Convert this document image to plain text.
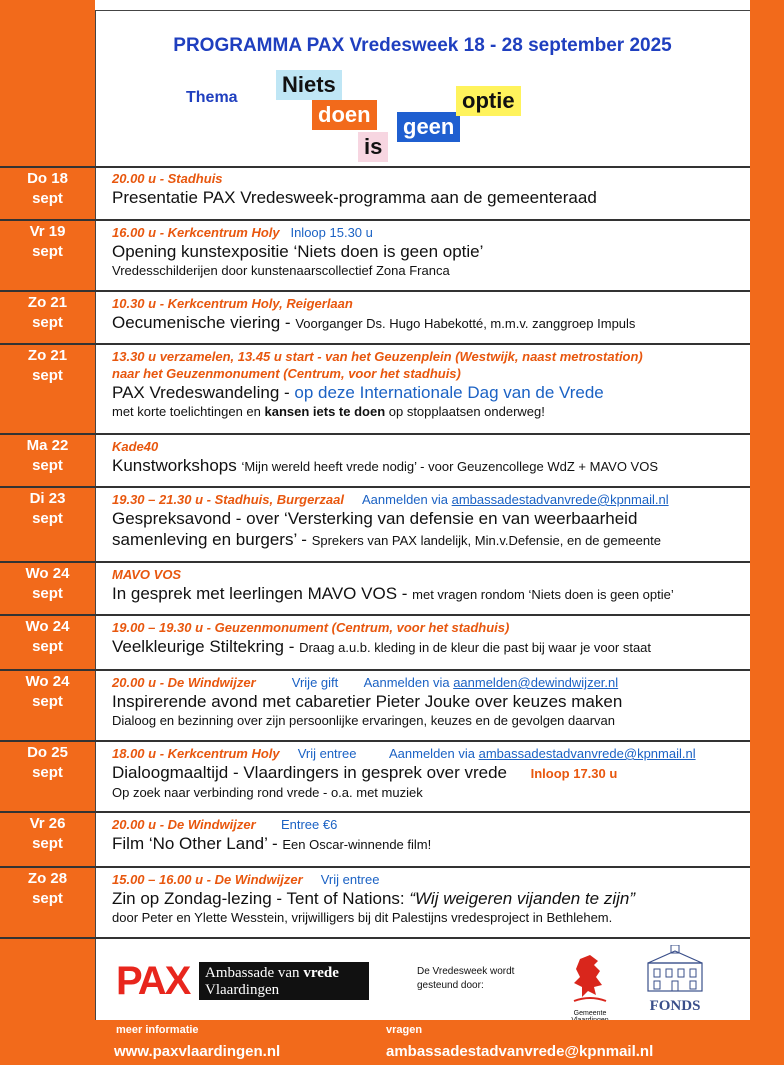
PROGRAMMA PAX Vredesweek 18 - 28 september 2025
Thema
Niets
doen
is
geen
optie
Do 18
sept
20.00 u - Stadhuis
Presentatie PAX Vredesweek-programma aan de gemeenteraad
Vr 19
sept
16.00 u - Kerkcentrum Holy Inloop 15.30 u
Opening kunstexpositie ‘Niets doen is geen optie’
Vredesschilderijen door kunstenaarscollectief Zona Franca
Zo 21
sept
10.30 u - Kerkcentrum Holy, Reigerlaan
Oecumenische viering - Voorganger Ds. Hugo Habekotté, m.m.v. zanggroep Impuls
Zo 21
sept
13.30 u verzamelen, 13.45 u start - van het Geuzenplein (Westwijk, naast metrostation)
naar het Geuzenmonument (Centrum, voor het stadhuis)
PAX Vredeswandeling - op deze Internationale Dag van de Vrede
met korte toelichtingen en kansen iets te doen op stopplaatsen onderweg!
Ma 22
sept
Kade40
Kunstworkshops ‘Mijn wereld heeft vrede nodig’ - voor Geuzencollege WdZ + MAVO VOS
Di 23
sept
19.30 – 21.30 u - Stadhuis, Burgerzaal Aanmelden via ambassadestadvanvrede@kpnmail.nl
Gespreksavond - over ‘Versterking van defensie en van weerbaarheid
samenleving en burgers’ - Sprekers van PAX landelijk, Min.v.Defensie, en de gemeente
Wo 24
sept
MAVO VOS
In gesprek met leerlingen MAVO VOS - met vragen rondom ‘Niets doen is geen optie’
Wo 24
sept
19.00 – 19.30 u - Geuzenmonument (Centrum, voor het stadhuis)
Veelkleurige Stiltekring - Draag a.u.b. kleding in de kleur die past bij waar je voor staat
Wo 24
sept
20.00 u - De Windwijzer	Vrije gift Aanmelden via aanmelden@dewindwijzer.nl
Inspirerende avond met cabaretier Pieter Jouke over keuzes maken
Dialoog en bezinning over zijn persoonlijke ervaringen, keuzes en de gevolgen daarvan
Do 25
sept
18.00 u - Kerkcentrum Holy Vrij entree	Aanmelden via ambassadestadvanvrede@kpnmail.nl
Dialoogmaaltijd - Vlaardingers in gesprek over vrede Inloop 17.30 u
Op zoek naar verbinding rond vrede - o.a. met muziek
Vr 26
sept
20.00 u - De Windwijzer Entree €6
Film ‘No Other Land’ - Een Oscar-winnende film!
Zo 28
sept
15.00 – 16.00 u - De Windwijzer Vrij entree
Zin op Zondag-lezing - Tent of Nations: “Wij weigeren vijanden te zijn”
door Peter en Ylette Wesstein, vrijwilligers bij dit Palestijns vredesproject in Bethlehem.
PAX Ambassade van vrede
Vlaardingen
De Vredesweek wordt gesteund door:
Gemeente	FONDS
meer informatie
www.paxvlaardingen.nl
vragen
ambassadestadvanvrede@kpnmail.nl
